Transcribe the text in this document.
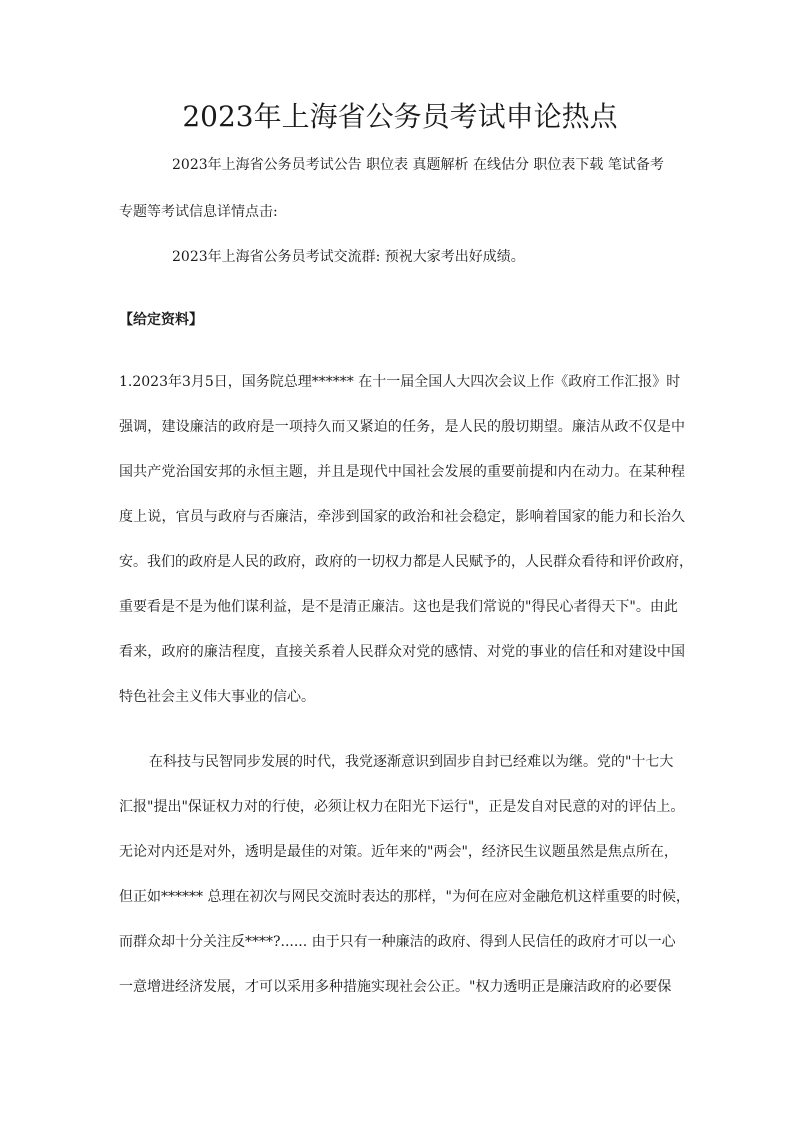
2023年上海省公务员考试申论热点
2023年上海省公务员考试公告 职位表 真题解析 在线估分 职位表下载 笔试备考
专题等考试信息详情点击:
2023年上海省公务员考试交流群: 预祝大家考出好成绩。
【给定资料】
1.2023年3月5日，国务院总理****** 在十一届全国人大四次会议上作《政府工作汇报》时
强调，建设廉洁的政府是一项持久而又紧迫的任务，是人民的殷切期望。廉洁从政不仅是中
国共产党治国安邦的永恒主题，并且是现代中国社会发展的重要前提和内在动力。在某种程
度上说，官员与政府与否廉洁，牵涉到国家的政治和社会稳定，影响着国家的能力和长治久
安。我们的政府是人民的政府，政府的一切权力都是人民赋予的，人民群众看待和评价政府，
重要看是不是为他们谋利益，是不是清正廉洁。这也是我们常说的"得民心者得天下"。由此
看来，政府的廉洁程度，直接关系着人民群众对党的感情、对党的事业的信任和对建设中国
特色社会主义伟大事业的信心。
在科技与民智同步发展的时代，我党逐渐意识到固步自封已经难以为继。党的"十七大
汇报"提出"保证权力对的行使，必须让权力在阳光下运行"，正是发自对民意的对的评估上。
无论对内还是对外，透明是最佳的对策。近年来的"两会"，经济民生议题虽然是焦点所在，
但正如****** 总理在初次与网民交流时表达的那样，"为何在应对金融危机这样重要的时候，
而群众却十分关注反****?...... 由于只有一种廉洁的政府、得到人民信任的政府才可以一心
一意增进经济发展，才可以采用多种措施实现社会公正。"权力透明正是廉洁政府的必要保
